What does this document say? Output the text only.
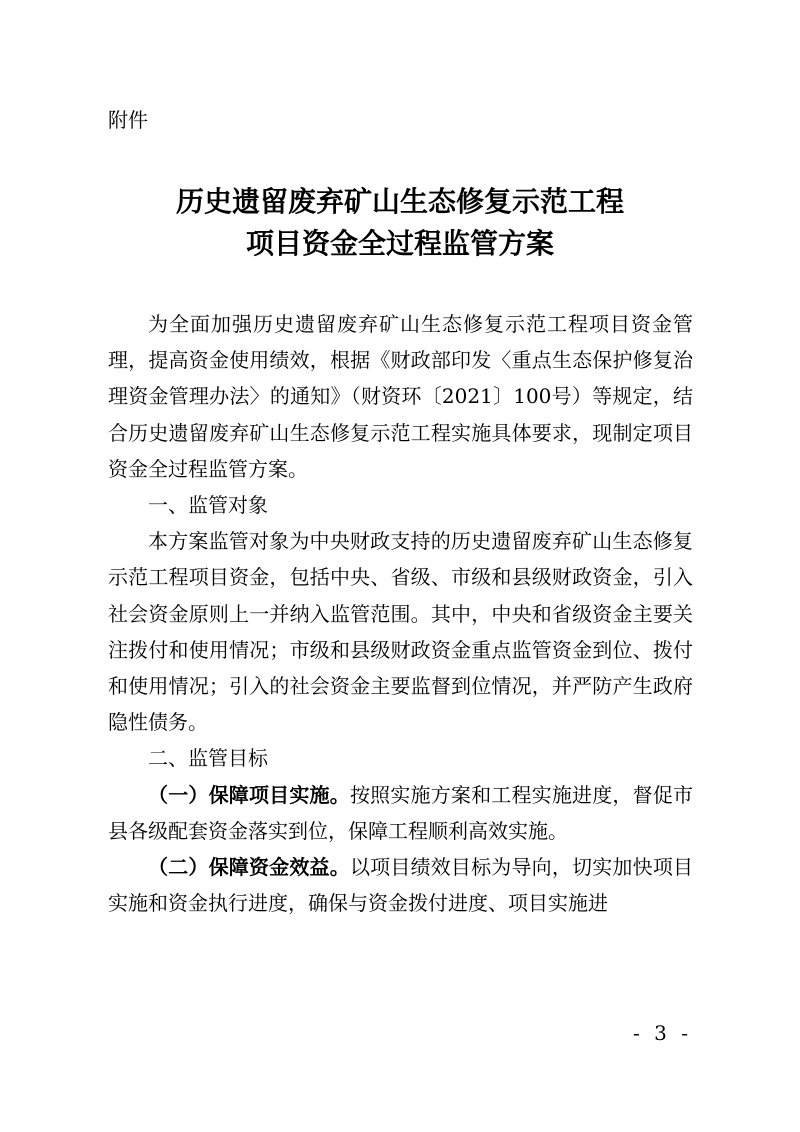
附件
历史遗留废弃矿山生态修复示范工程
项目资金全过程监管方案

为全面加强历史遗留废弃矿山生态修复示范工程项目资金管理，提高资金使用绩效，根据《财政部印发〈重点生态保护修复治理资金管理办法〉的通知》（财资环〔2021〕100号）等规定，结合历史遗留废弃矿山生态修复示范工程实施具体要求，现制定项目资金全过程监管方案。

一、监管对象

本方案监管对象为中央财政支持的历史遗留废弃矿山生态修复示范工程项目资金，包括中央、省级、市级和县级财政资金，引入社会资金原则上一并纳入监管范围。其中，中央和省级资金主要关注拨付和使用情况；市级和县级财政资金重点监管资金到位、拨付和使用情况；引入的社会资金主要监督到位情况，并严防产生政府隐性债务。

二、监管目标

（一）保障项目实施。按照实施方案和工程实施进度，督促市县各级配套资金落实到位，保障工程顺利高效实施。

（二）保障资金效益。以项目绩效目标为导向，切实加快项目实施和资金执行进度，确保与资金拨付进度、项目实施进

- 3 -
